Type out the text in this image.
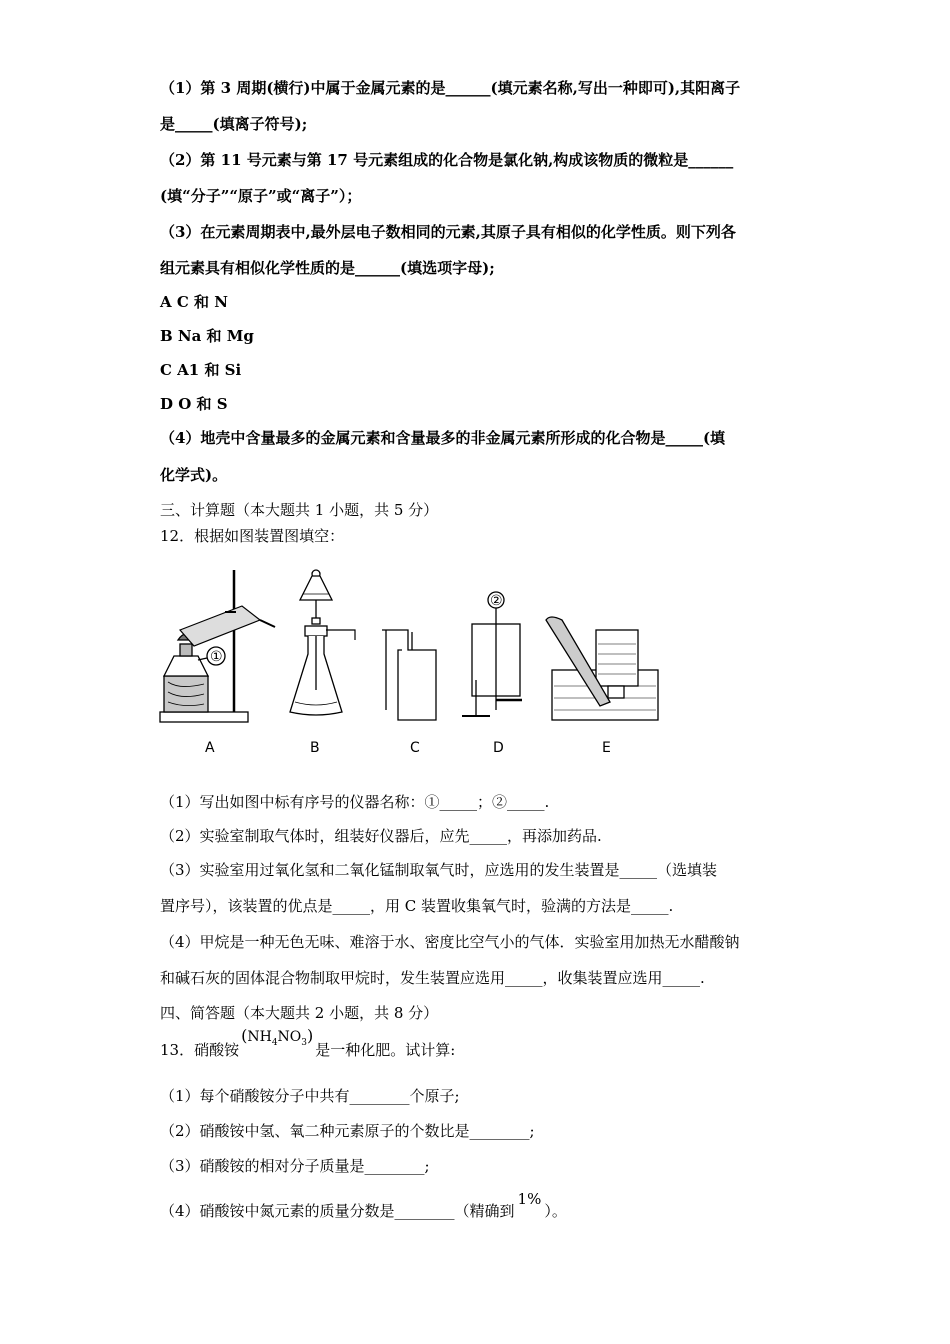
（1）第 3 周期(横行)中属于金属元素的是______(填元素名称,写出一种即可),其阳离子
是_____(填离子符号);
（2）第 11 号元素与第 17 号元素组成的化合物是氯化钠,构成该物质的微粒是______
(填“分子”“原子”或“离子”）；
（3）在元素周期表中,最外层电子数相同的元素,其原子具有相似的化学性质。则下列各
组元素具有相似化学性质的是______(填选项字母);
A C 和 N
B Na 和 Mg
C A1 和 Si
D O 和 S
（4）地壳中含量最多的金属元素和含量最多的非金属元素所形成的化合物是_____(填
化学式)。
三、计算题（本大题共 1 小题，共 5 分）
12．根据如图装置图填空：
①
②
A	B	C	D	E
（1）写出如图中标有序号的仪器名称：①_____；②_____.
（2）实验室制取气体时，组装好仪器后，应先_____，再添加药品.
（3）实验室用过氧化氢和二氧化锰制取氧气时，应选用的发生装置是_____（选填装
置序号），该装置的优点是_____，用 C 装置收集氧气时，验满的方法是_____.
（4）甲烷是一种无色无味、难溶于水、密度比空气小的气体．实验室用加热无水醋酸钠
和碱石灰的固体混合物制取甲烷时，发生装置应选用_____，收集装置应选用_____.
四、简答题（本大题共 2 小题，共 8 分）
13．硝酸铵$(NH_4NO_3)$是一种化肥。试计算:
（1）每个硝酸铵分子中共有________个原子;
（2）硝酸铵中氢、氧二种元素原子的个数比是________;
（3）硝酸铵的相对分子质量是________;
（4）硝酸铵中氮元素的质量分数是________（精确到1%）。
